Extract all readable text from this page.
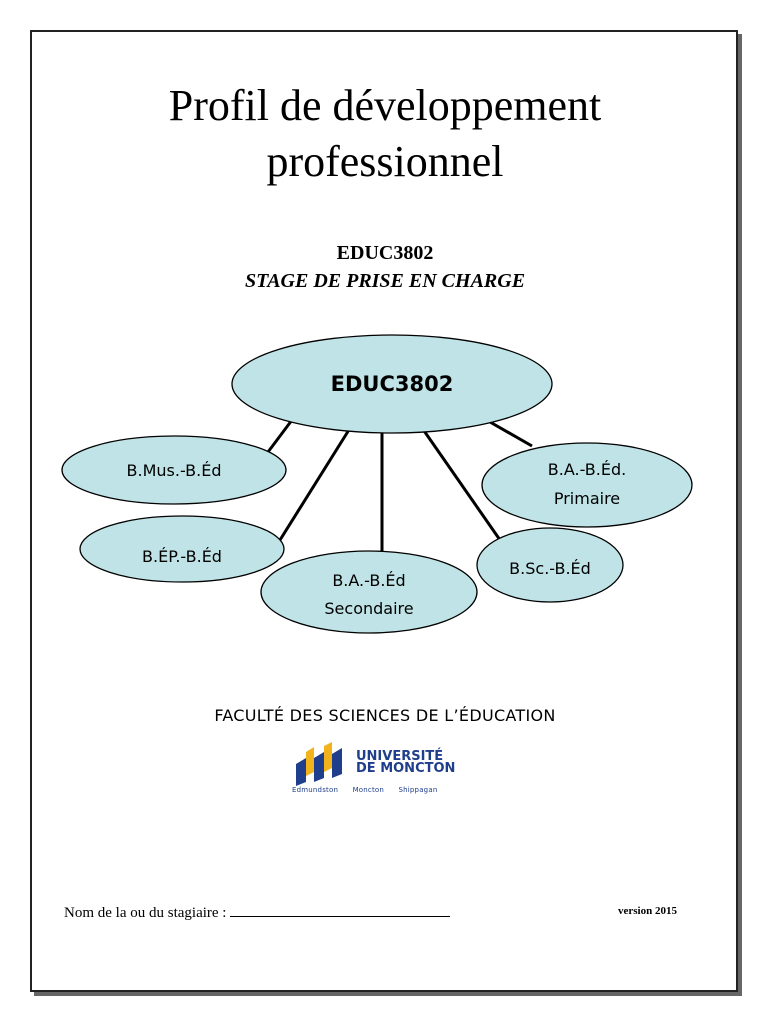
Profil de développement
professionnel
EDUC3802
STAGE DE PRISE EN CHARGE
EDUC3802
B.Mus.-B.Éd
B.ÉP.-B.Éd
B.A.-B.Éd
Secondaire
B.Sc.-B.Éd
B.A.-B.Éd.
Primaire
FACULTÉ DES SCIENCES DE L’ÉDUCATION
UNIVERSITÉ
DE MONCTON
Edmundston Moncton Shippagan
Nom de la ou du stagiaire :	version 2015
